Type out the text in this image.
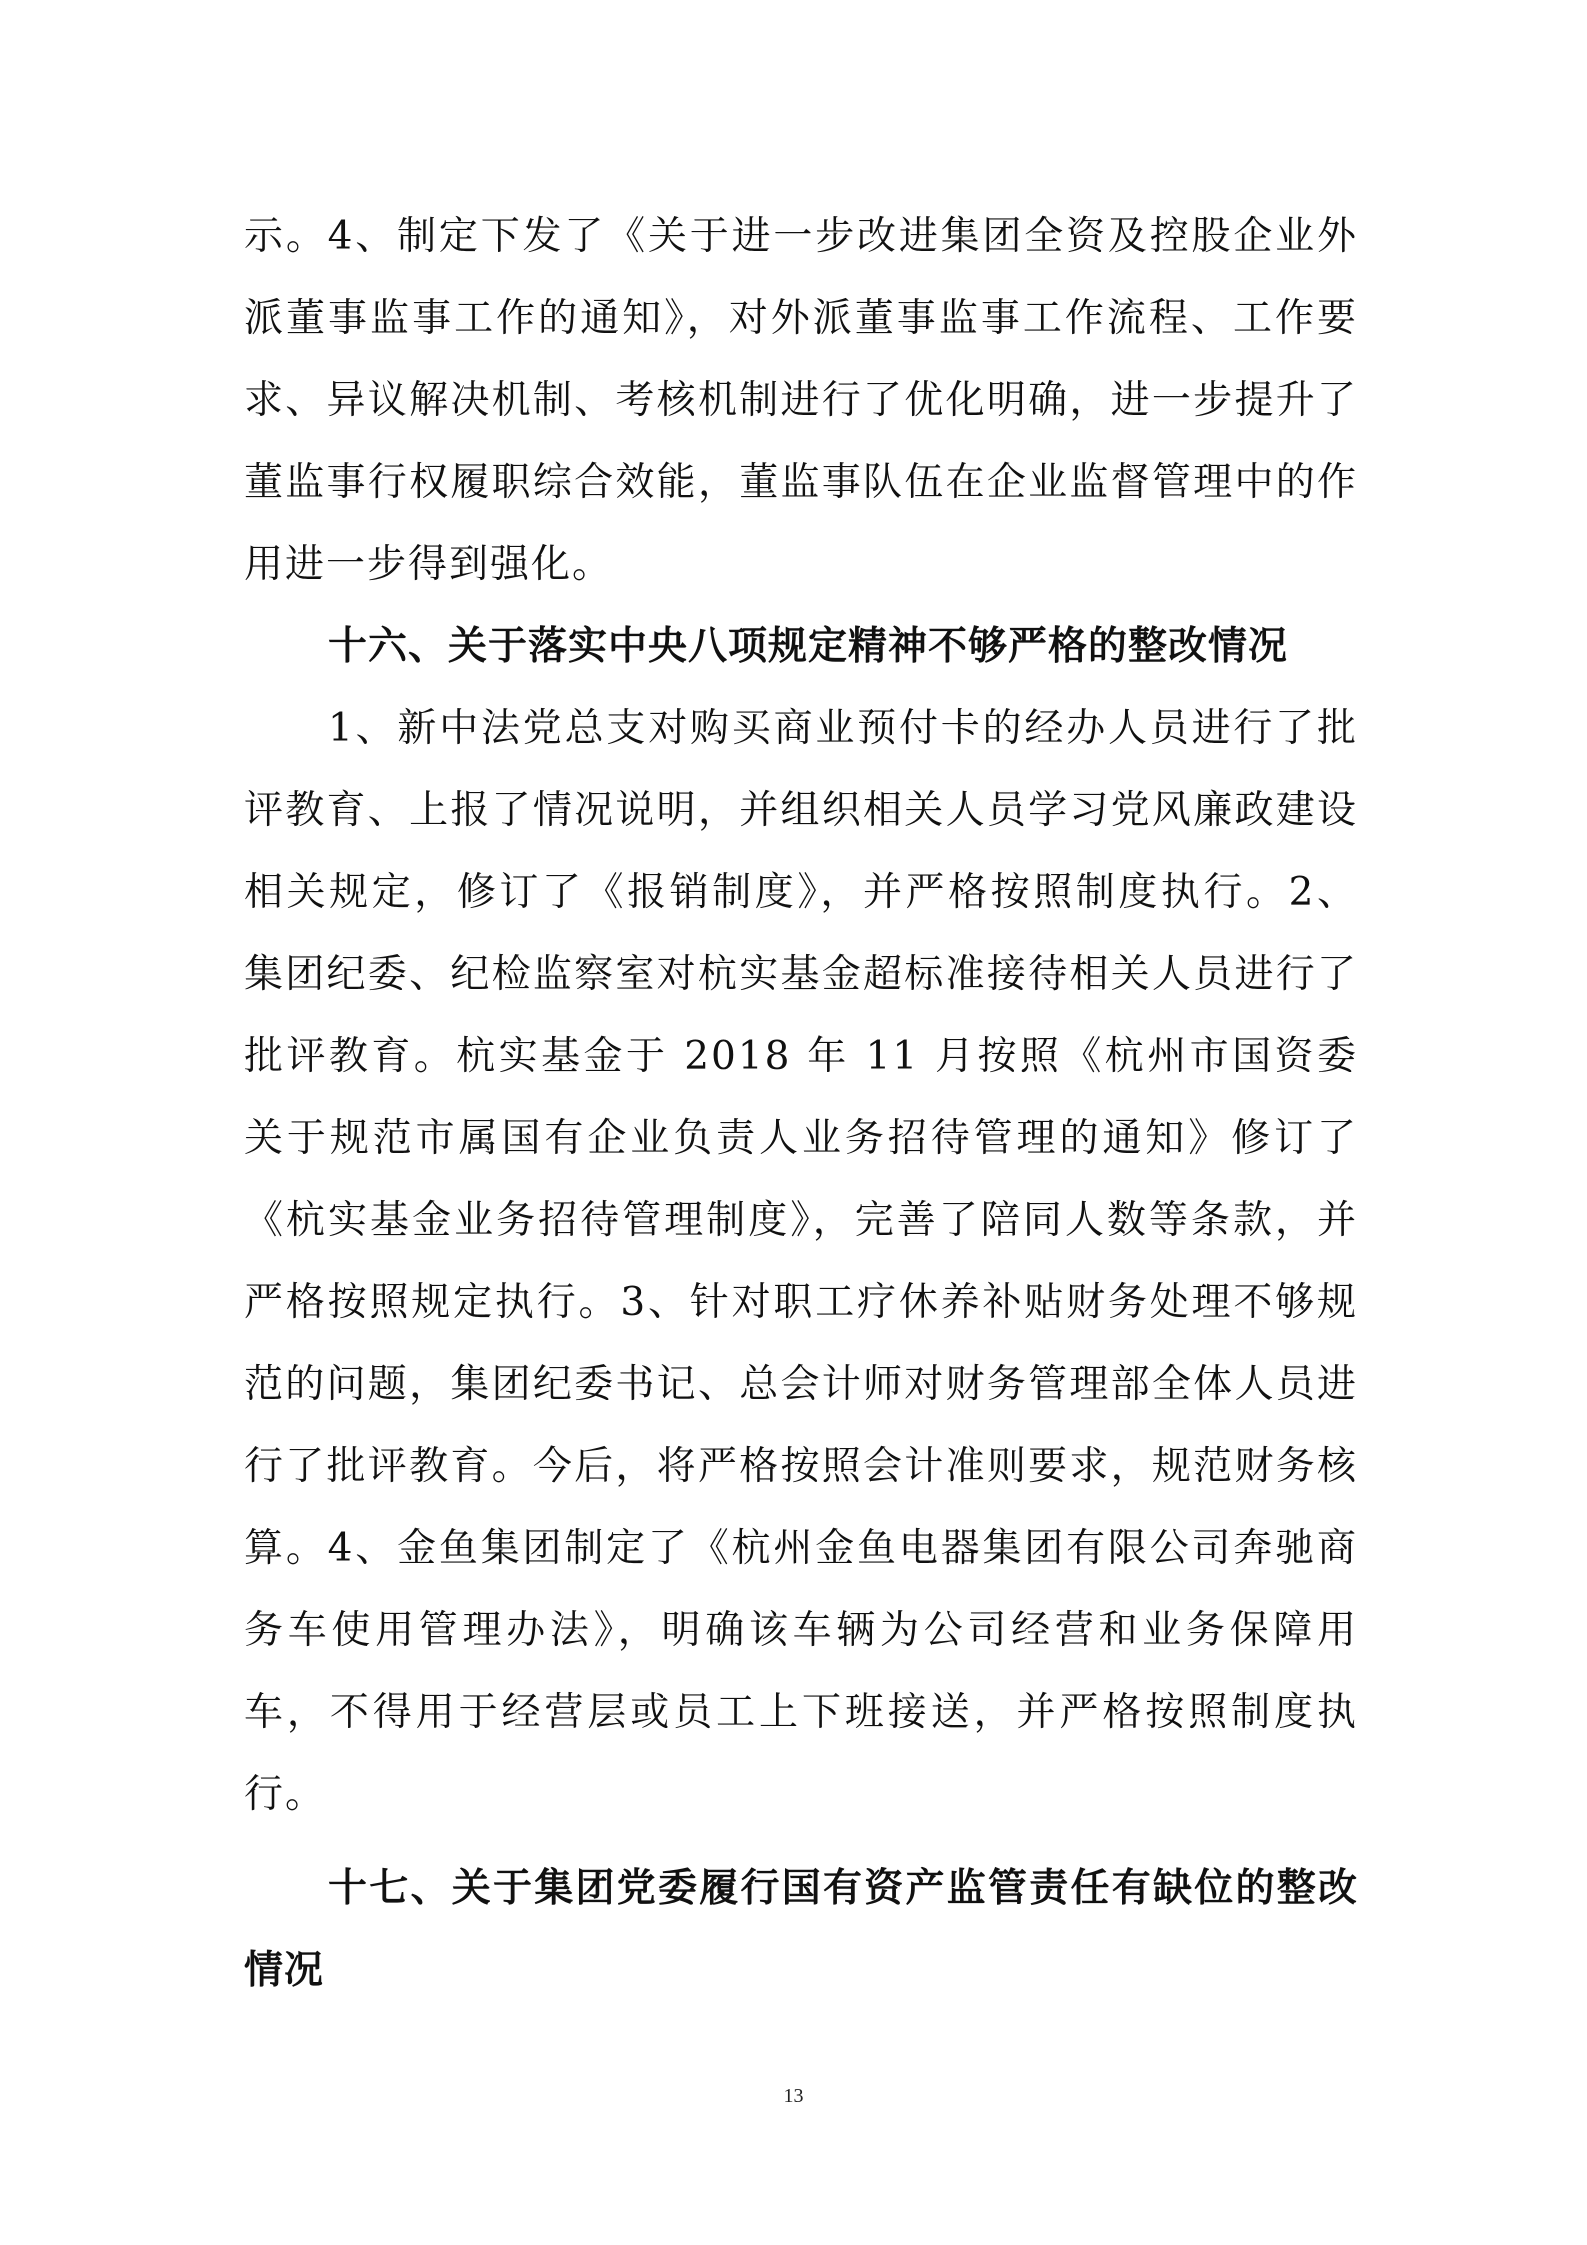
示。4、制定下发了《关于进一步改进集团全资及控股企业外派董事监事工作的通知》，对外派董事监事工作流程、工作要求、异议解决机制、考核机制进行了优化明确，进一步提升了董监事行权履职综合效能，董监事队伍在企业监督管理中的作用进一步得到强化。

十六、关于落实中央八项规定精神不够严格的整改情况

1、新中法党总支对购买商业预付卡的经办人员进行了批评教育、上报了情况说明，并组织相关人员学习党风廉政建设相关规定，修订了《报销制度》，并严格按照制度执行。2、集团纪委、纪检监察室对杭实基金超标准接待相关人员进行了批评教育。杭实基金于 2018 年 11 月按照《杭州市国资委关于规范市属国有企业负责人业务招待管理的通知》修订了《杭实基金业务招待管理制度》，完善了陪同人数等条款，并严格按照规定执行。3、针对职工疗休养补贴财务处理不够规范的问题，集团纪委书记、总会计师对财务管理部全体人员进行了批评教育。今后，将严格按照会计准则要求，规范财务核算。4、金鱼集团制定了《杭州金鱼电器集团有限公司奔驰商务车使用管理办法》，明确该车辆为公司经营和业务保障用车，不得用于经营层或员工上下班接送，并严格按照制度执行。

十七、关于集团党委履行国有资产监管责任有缺位的整改情况
13
